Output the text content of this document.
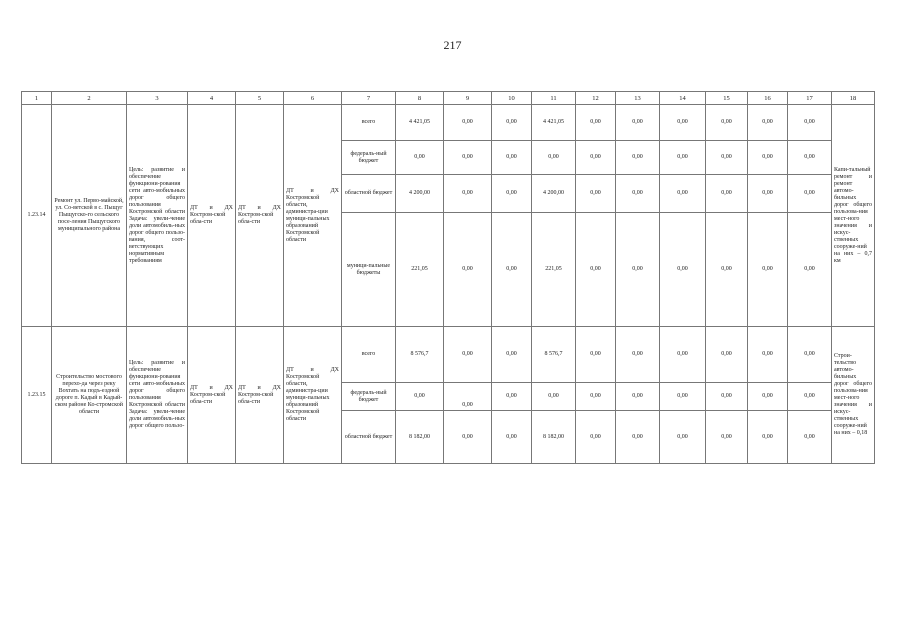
217
1	2	3	4	5	6	7	8	9	10	11	12	13	14	15	16	17	18
1.23.14	Ремонт ул. Перво-майской, ул. Со-ветской в с. Пыщуг Пыщугско-го сельского посе-ления Пыщугского муниципального района	Цель: развитие и обеспечение функциони-рования сети авто-мобильных дорог общего пользования Костромской области Задача: увели-чение доли автомобиль-ных дорог общего пользо-вания, соот-ветствующих нормативным требованиям	ДТ и ДХ Костром-ской обла-сти	ДТ и ДХ Костром-ской обла-сти	ДТ и ДХ Костромской области, администра-ции муници-пальных образований Костромской области	всего	4 421,05	0,00	0,00	4 421,05	0,00	0,00	0,00	0,00	0,00	0,00	Капи-тальный ремонт и ремонт автомо-бильных дорог общего пользова-ния мест-ного значения и искус-ственных сооруже-ний на них – 0,7 км
						федераль-ный бюджет	0,00	0,00	0,00	0,00	0,00	0,00	0,00	0,00	0,00	0,00	
						областной бюджет	4 200,00	0,00	0,00	4 200,00	0,00	0,00	0,00	0,00	0,00	0,00	
						муници-пальные бюджеты	221,05	0,00	0,00	221,05	0,00	0,00	0,00	0,00	0,00	0,00	
1.23.15	Строительство мостового перехо-да через реку Вохтать на подъ-ездной дороге п. Кадый в Кадый-ском районе Ко-стромской области	Цель: развитие и обеспечение функциони-рования сети авто-мобильных дорог общего пользования Костромской области Задача: увели-чение доли автомобиль-ных дорог общего пользо-	ДТ и ДХ Костром-ской обла-сти	ДТ и ДХ Костром-ской обла-сти	ДТ и ДХ Костромской области, администра-ции муници-пальных образований Костромской области	всего	8 576,7	0,00	0,00	8 576,7	0,00	0,00	0,00	0,00	0,00	0,00	Строи-тельство автомо-бильных дорог общего пользова-ния мест-ного значения и искус-ственных сооруже-ний на них – 0,18
						федераль-ный бюджет	0,00	0,00	0,00	0,00	0,00	0,00	0,00	0,00	0,00	0,00	
						областной бюджет	8 182,00	0,00	0,00	8 182,00	0,00	0,00	0,00	0,00	0,00	0,00	
